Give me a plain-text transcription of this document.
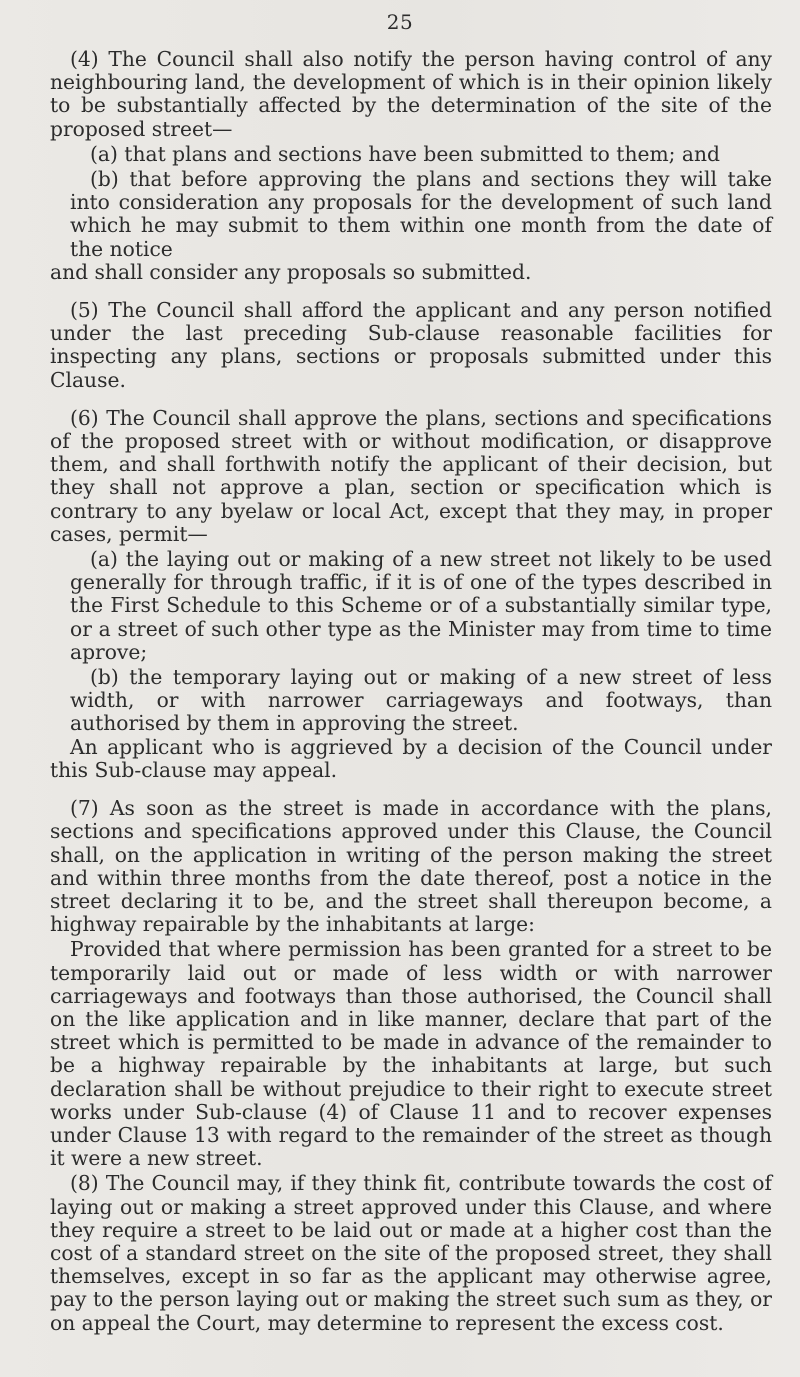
25

(4) The Council shall also notify the person having control of any neighbouring land, the development of which is in their opinion likely to be substantially affected by the determination of the site of the proposed street—

(a) that plans and sections have been submitted to them; and

(b) that before approving the plans and sections they will take into consideration any proposals for the development of such land which he may submit to them within one month from the date of the notice

and shall consider any proposals so submitted.

(5) The Council shall afford the applicant and any person notified under the last preceding Sub-clause reasonable facilities for inspecting any plans, sections or proposals submitted under this Clause.

(6) The Council shall approve the plans, sections and specifications of the proposed street with or without modification, or disapprove them, and shall forthwith notify the applicant of their decision, but they shall not approve a plan, section or specification which is contrary to any byelaw or local Act, except that they may, in proper cases, permit—

(a) the laying out or making of a new street not likely to be used generally for through traffic, if it is of one of the types described in the First Schedule to this Scheme or of a substantially similar type, or a street of such other type as the Minister may from time to time aprove;

(b) the temporary laying out or making of a new street of less width, or with narrower carriageways and footways, than authorised by them in approving the street.

An applicant who is aggrieved by a decision of the Council under this Sub-clause may appeal.

(7) As soon as the street is made in accordance with the plans, sections and specifications approved under this Clause, the Council shall, on the application in writing of the person making the street and within three months from the date thereof, post a notice in the street declaring it to be, and the street shall thereupon become, a highway repairable by the inhabitants at large:

Provided that where permission has been granted for a street to be temporarily laid out or made of less width or with narrower carriageways and footways than those authorised, the Council shall on the like application and in like manner, declare that part of the street which is permitted to be made in advance of the remainder to be a highway repairable by the inhabitants at large, but such declaration shall be without prejudice to their right to execute street works under Sub-clause (4) of Clause 11 and to recover expenses under Clause 13 with regard to the remainder of the street as though it were a new street.

(8) The Council may, if they think fit, contribute towards the cost of laying out or making a street approved under this Clause, and where they require a street to be laid out or made at a higher cost than the cost of a standard street on the site of the proposed street, they shall themselves, except in so far as the applicant may otherwise agree, pay to the person laying out or making the street such sum as they, or on appeal the Court, may determine to represent the excess cost.
